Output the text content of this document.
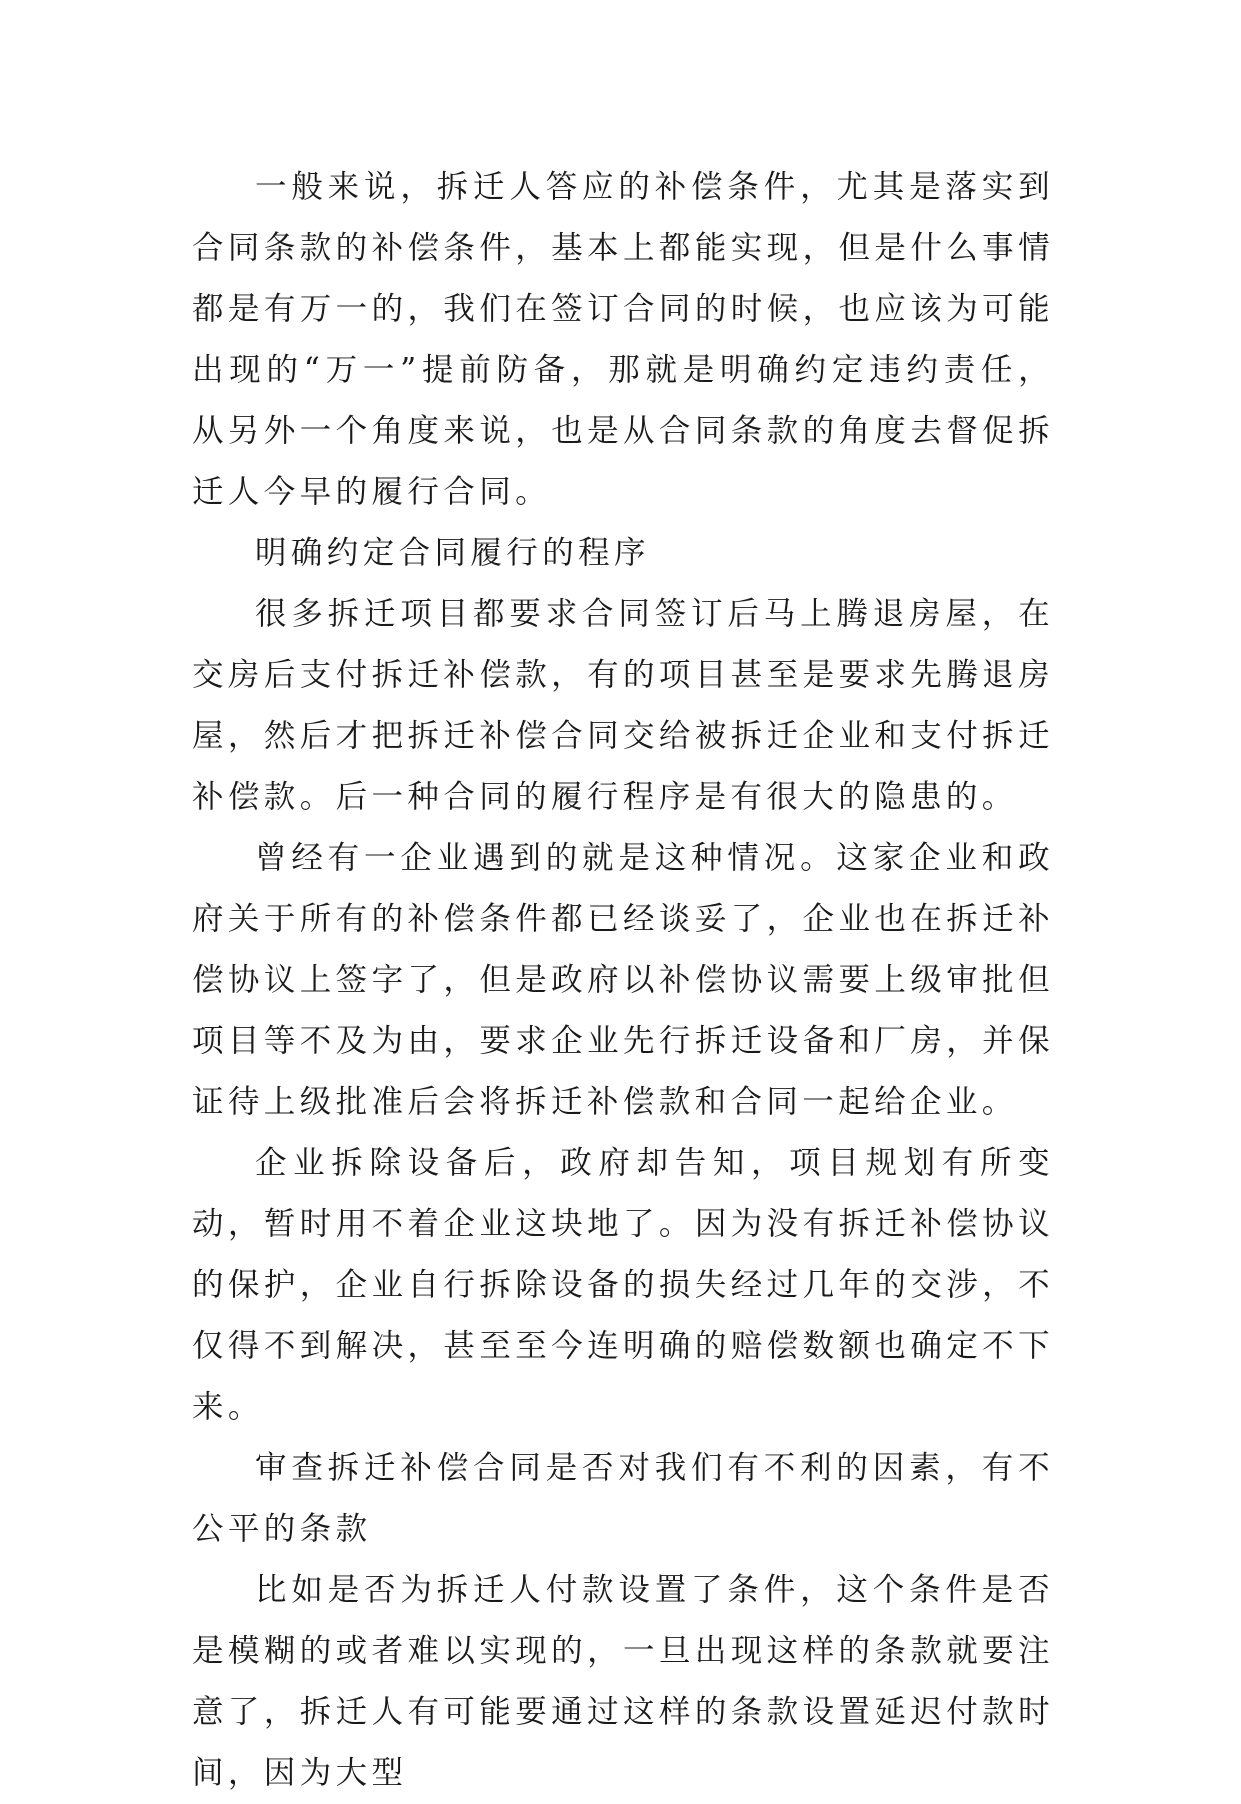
一般来说，拆迁人答应的补偿条件，尤其是落实到合同条款的补偿条件，基本上都能实现，但是什么事情都是有万一的，我们在签订合同的时候，也应该为可能出现的“万一”提前防备，那就是明确约定违约责任，从另外一个角度来说，也是从合同条款的角度去督促拆迁人今早的履行合同。

明确约定合同履行的程序

很多拆迁项目都要求合同签订后马上腾退房屋，在交房后支付拆迁补偿款，有的项目甚至是要求先腾退房屋，然后才把拆迁补偿合同交给被拆迁企业和支付拆迁补偿款。后一种合同的履行程序是有很大的隐患的。

曾经有一企业遇到的就是这种情况。这家企业和政府关于所有的补偿条件都已经谈妥了，企业也在拆迁补偿协议上签字了，但是政府以补偿协议需要上级审批但项目等不及为由，要求企业先行拆迁设备和厂房，并保证待上级批准后会将拆迁补偿款和合同一起给企业。

企业拆除设备后，政府却告知，项目规划有所变动，暂时用不着企业这块地了。因为没有拆迁补偿协议的保护，企业自行拆除设备的损失经过几年的交涉，不仅得不到解决，甚至至今连明确的赔偿数额也确定不下来。

审查拆迁补偿合同是否对我们有不利的因素，有不公平的条款

比如是否为拆迁人付款设置了条件，这个条件是否是模糊的或者难以实现的，一旦出现这样的条款就要注意了，拆迁人有可能要通过这样的条款设置延迟付款时间，因为大型
